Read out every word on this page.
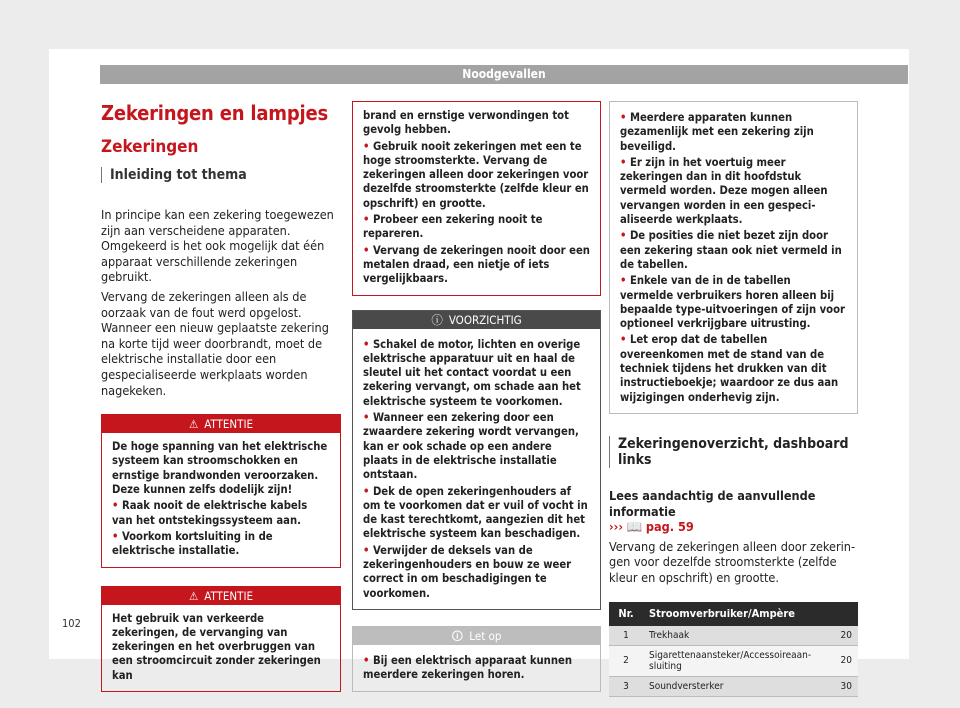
Noodgevallen
Zekeringen en lampjes
Zekeringen
Inleiding tot thema

In principe kan een zekering toegewezen zijn aan verscheidene apparaten. Omgekeerd is het ook mogelijk dat één apparaat verschillende zekeringen gebruikt.

Vervang de zekeringen alleen als de oorzaak van de fout werd opgelost. Wanneer een nieuw geplaatste zekering na korte tijd weer doorbrandt, moet de elektrische installatie door een gespecialiseerde werkplaats worden nagekeken.

⚠ ATTENTIE
De hoge spanning van het elektrische systeem kan stroomschokken en ernstige brandwonden veroorzaken. Deze kunnen zelfs dodelijk zijn!
• Raak nooit de elektrische kabels van het ontstekingssysteem aan.
• Voorkom kortsluiting in de elektrische installatie.
⚠ ATTENTIE
Het gebruik van verkeerde zekeringen, de vervanging van zekeringen en het overbruggen van een stroomcircuit zonder zekeringen kan
brand en ernstige verwondingen tot gevolg hebben.
• Gebruik nooit zekeringen met een te hoge stroomsterkte. Vervang de zekeringen alleen door zekeringen voor dezelfde stroomsterkte (zelfde kleur en opschrift) en grootte.
• Probeer een zekering nooit te repareren.
• Vervang de zekeringen nooit door een metalen draad, een nietje of iets vergelijkbaars.
ⓘ VOORZICHTIG
• Schakel de motor, lichten en overige elektrische apparatuur uit en haal de sleutel uit het contact voordat u een zekering vervangt, om schade aan het elektrische systeem te voorkomen.
• Wanneer een zekering door een zwaardere zekering wordt vervangen, kan er ook schade op een andere plaats in de elektrische installatie ontstaan.
• Dek de open zekeringenhouders af om te voorkomen dat er vuil of vocht in de kast terechtkomt, aangezien dit het elektrische systeem kan beschadigen.
• Verwijder de deksels van de zekeringenhouders en bouw ze weer correct in om beschadigingen te voorkomen.
🛈 Let op
• Bij een elektrisch apparaat kunnen meerdere zekeringen horen.
• Meerdere apparaten kunnen gezamenlijk met een zekering zijn beveiligd.
• Er zijn in het voertuig meer zekeringen dan in dit hoofdstuk vermeld worden. Deze mogen alleen vervangen worden in een gespecialiseerde werkplaats.
• De posities die niet bezet zijn door een zekering staan ook niet vermeld in de tabellen.
• Enkele van de in de tabellen vermelde verbruikers horen alleen bij bepaalde type-uitvoeringen of zijn voor optioneel verkrijgbare uitrusting.
• Let erop dat de tabellen overeenkomen met de stand van de techniek tijdens het drukken van dit instructieboekje; waardoor ze dus aan wijzigingen onderhevig zijn.
Zekeringenoverzicht, dashboard links

Lees aandachtig de aanvullende informatie

››› 📖 pag. 59

Vervang de zekeringen alleen door zekeringen voor dezelfde stroomsterkte (zelfde kleur en opschrift) en grootte.

Nr.	Stroomverbruiker/Ampère	
1	Trekhaak	20
2	Sigarettenaansteker/Accessoireaansluiting	20
3	Soundversterker	30
102
